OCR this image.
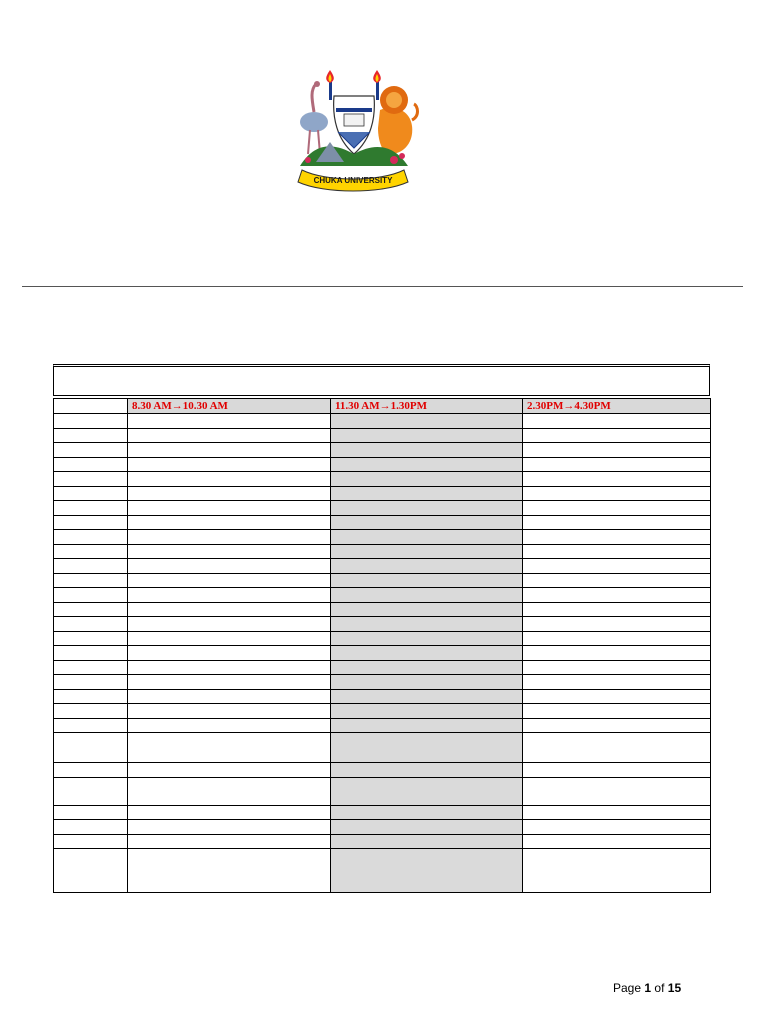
CHUKA UNIVERSITY
	8.30 AM→10.30 AM	11.30 AM→1.30PM	2.30PM→4.30PM

Page 1 of 15
